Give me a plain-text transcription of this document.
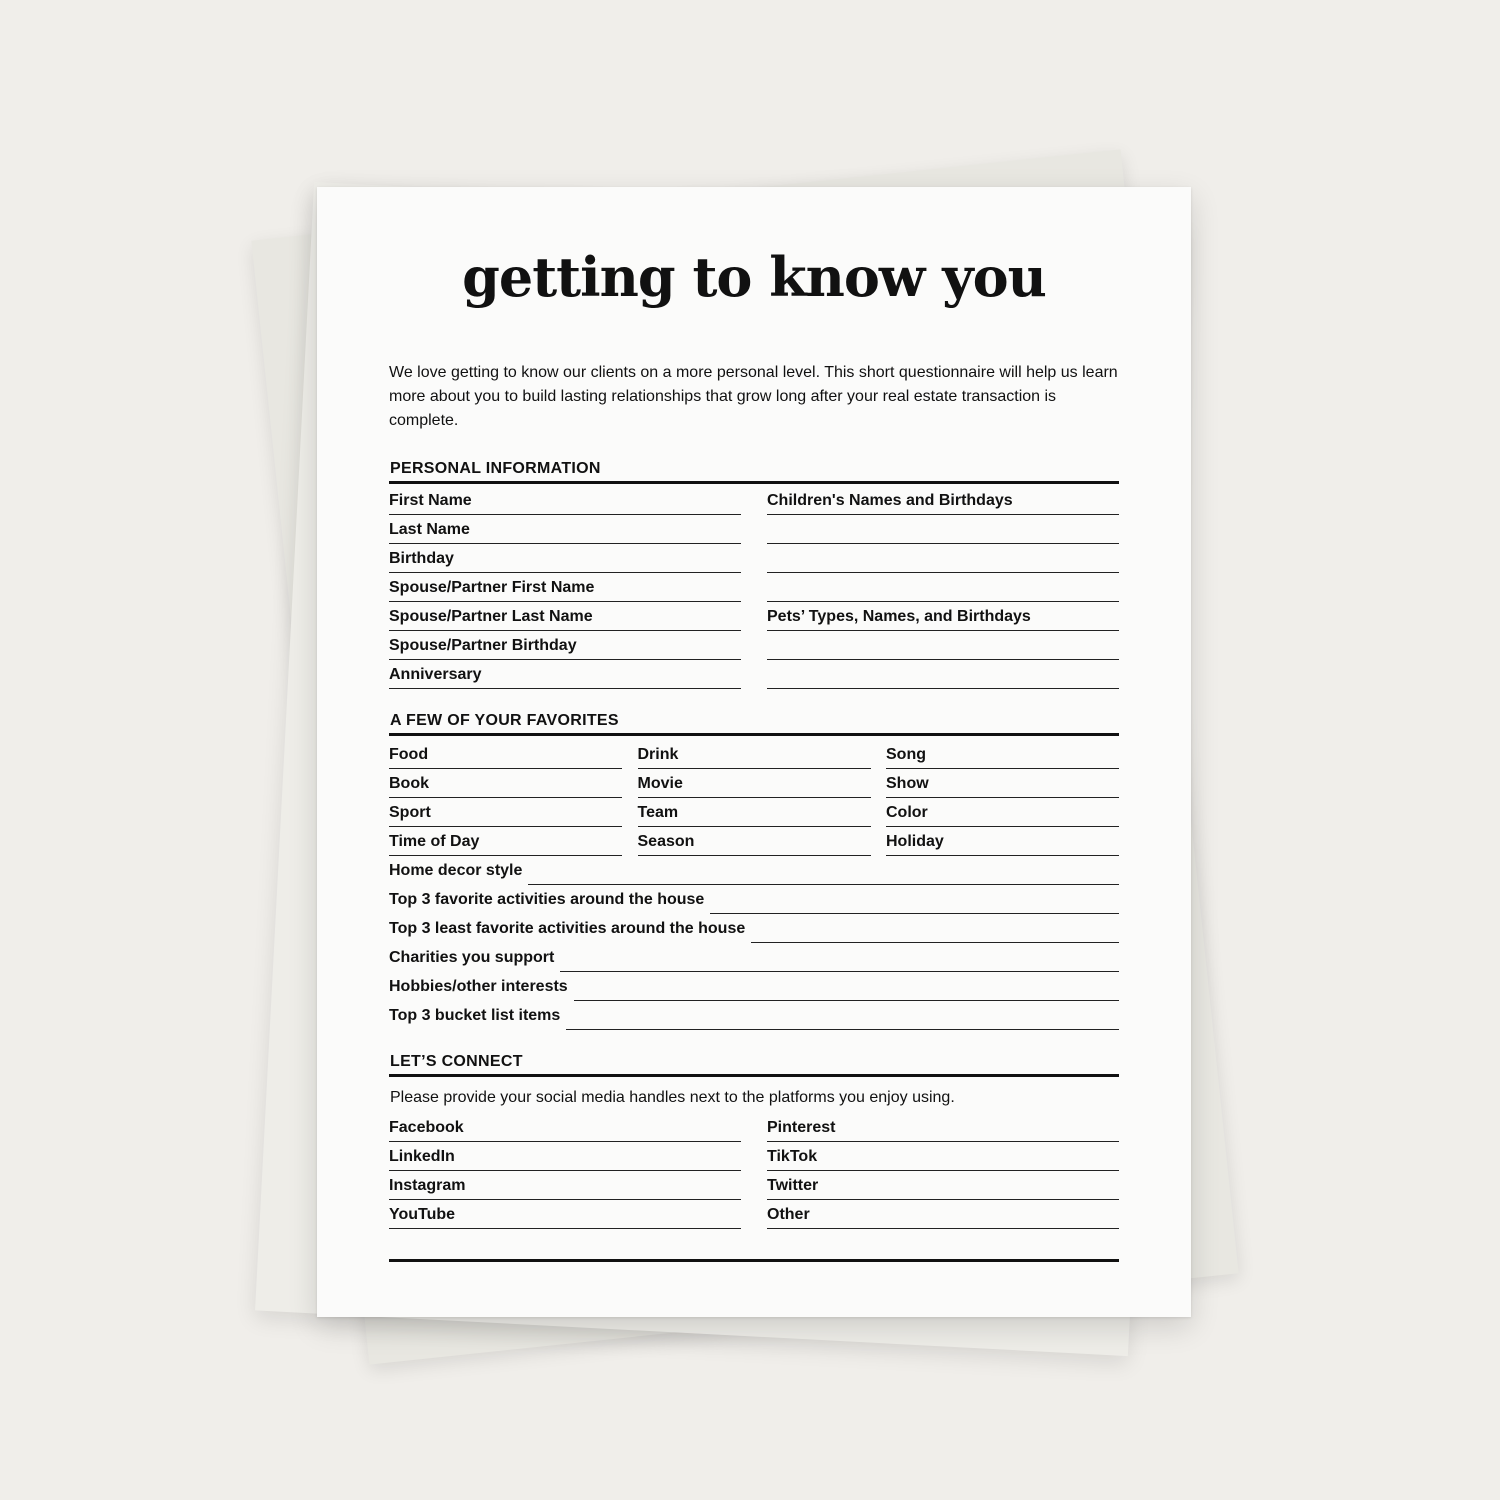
getting to know you

We love getting to know our clients on a more personal level. This short questionnaire will help us learn more about you to build lasting relationships that grow long after your real estate transaction is complete.

PERSONAL INFORMATION
First Name
Last Name
Birthday
Spouse/Partner First Name
Spouse/Partner Last Name
Spouse/Partner Birthday
Anniversary
Children's Names and Birthdays
Pets’ Types, Names, and Birthdays
A FEW OF YOUR FAVORITES
Food
Book
Sport
Time of Day
Drink
Movie
Team
Season
Song
Show
Color
Holiday
Home decor style
Top 3 favorite activities around the house
Top 3 least favorite activities around the house
Charities you support
Hobbies/other interests
Top 3 bucket list items
LET’S CONNECT
Please provide your social media handles next to the platforms you enjoy using.
Facebook
LinkedIn
Instagram
YouTube
Pinterest
TikTok
Twitter
Other
